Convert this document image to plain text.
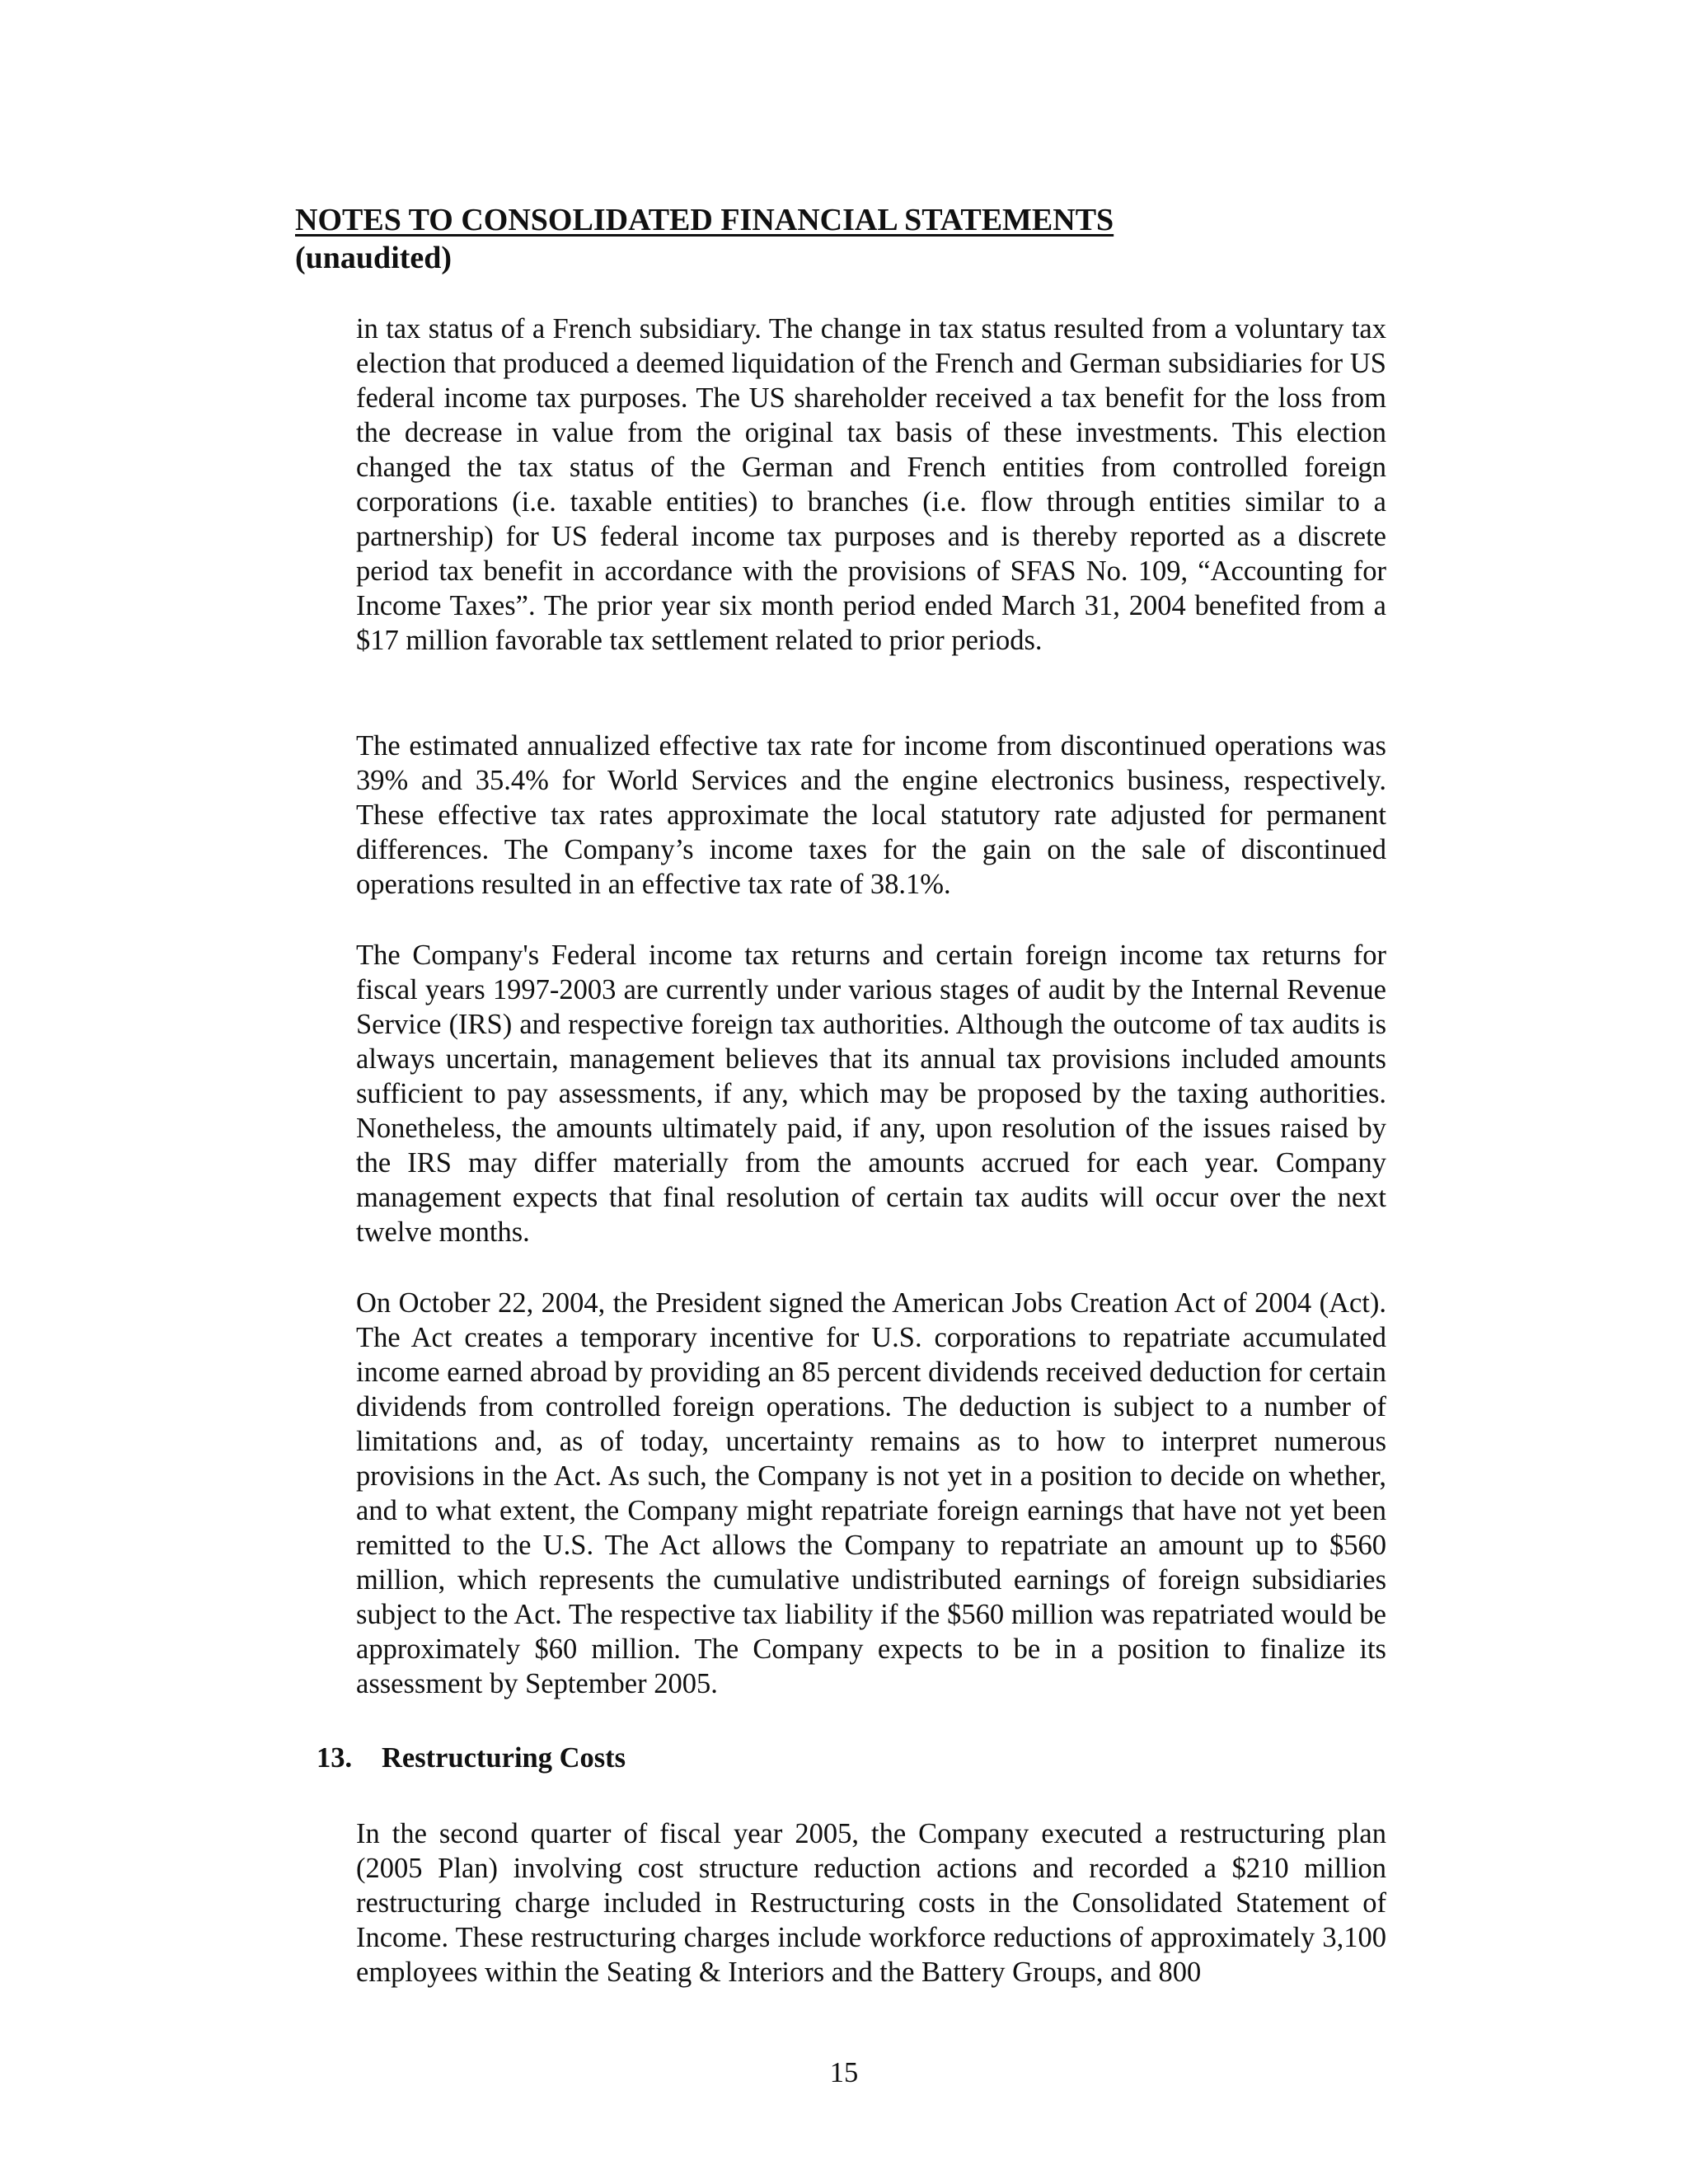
NOTES TO CONSOLIDATED FINANCIAL STATEMENTS
(unaudited)

in tax status of a French subsidiary. The change in tax status resulted from a voluntary tax election that produced a deemed liquidation of the French and German subsidiaries for US federal income tax purposes. The US shareholder received a tax benefit for the loss from the decrease in value from the original tax basis of these investments. This election changed the tax status of the German and French entities from controlled foreign corporations (i.e. taxable entities) to branches (i.e. flow through entities similar to a partnership) for US federal income tax purposes and is thereby reported as a discrete period tax benefit in accordance with the provisions of SFAS No. 109, “Accounting for Income Taxes”. The prior year six month period ended March 31, 2004 benefited from a $17 million favorable tax settlement related to prior periods.

The estimated annualized effective tax rate for income from discontinued operations was 39% and 35.4% for World Services and the engine electronics business, respectively. These effective tax rates approximate the local statutory rate adjusted for permanent differences. The Company’s income taxes for the gain on the sale of discontinued operations resulted in an effective tax rate of 38.1%.

The Company's Federal income tax returns and certain foreign income tax returns for fiscal years 1997-2003 are currently under various stages of audit by the Internal Revenue Service (IRS) and respective foreign tax authorities. Although the outcome of tax audits is always uncertain, management believes that its annual tax provisions included amounts sufficient to pay assessments, if any, which may be proposed by the taxing authorities. Nonetheless, the amounts ultimately paid, if any, upon resolution of the issues raised by the IRS may differ materially from the amounts accrued for each year. Company management expects that final resolution of certain tax audits will occur over the next twelve months.

On October 22, 2004, the President signed the American Jobs Creation Act of 2004 (Act). The Act creates a temporary incentive for U.S. corporations to repatriate accumulated income earned abroad by providing an 85 percent dividends received deduction for certain dividends from controlled foreign operations. The deduction is subject to a number of limitations and, as of today, uncertainty remains as to how to interpret numerous provisions in the Act. As such, the Company is not yet in a position to decide on whether, and to what extent, the Company might repatriate foreign earnings that have not yet been remitted to the U.S. The Act allows the Company to repatriate an amount up to $560 million, which represents the cumulative undistributed earnings of foreign subsidiaries subject to the Act. The respective tax liability if the $560 million was repatriated would be approximately $60 million. The Company expects to be in a position to finalize its assessment by September 2005.

13. Restructuring Costs

In the second quarter of fiscal year 2005, the Company executed a restructuring plan (2005 Plan) involving cost structure reduction actions and recorded a $210 million restructuring charge included in Restructuring costs in the Consolidated Statement of Income. These restructuring charges include workforce reductions of approximately 3,100 employees within the Seating & Interiors and the Battery Groups, and 800

15
